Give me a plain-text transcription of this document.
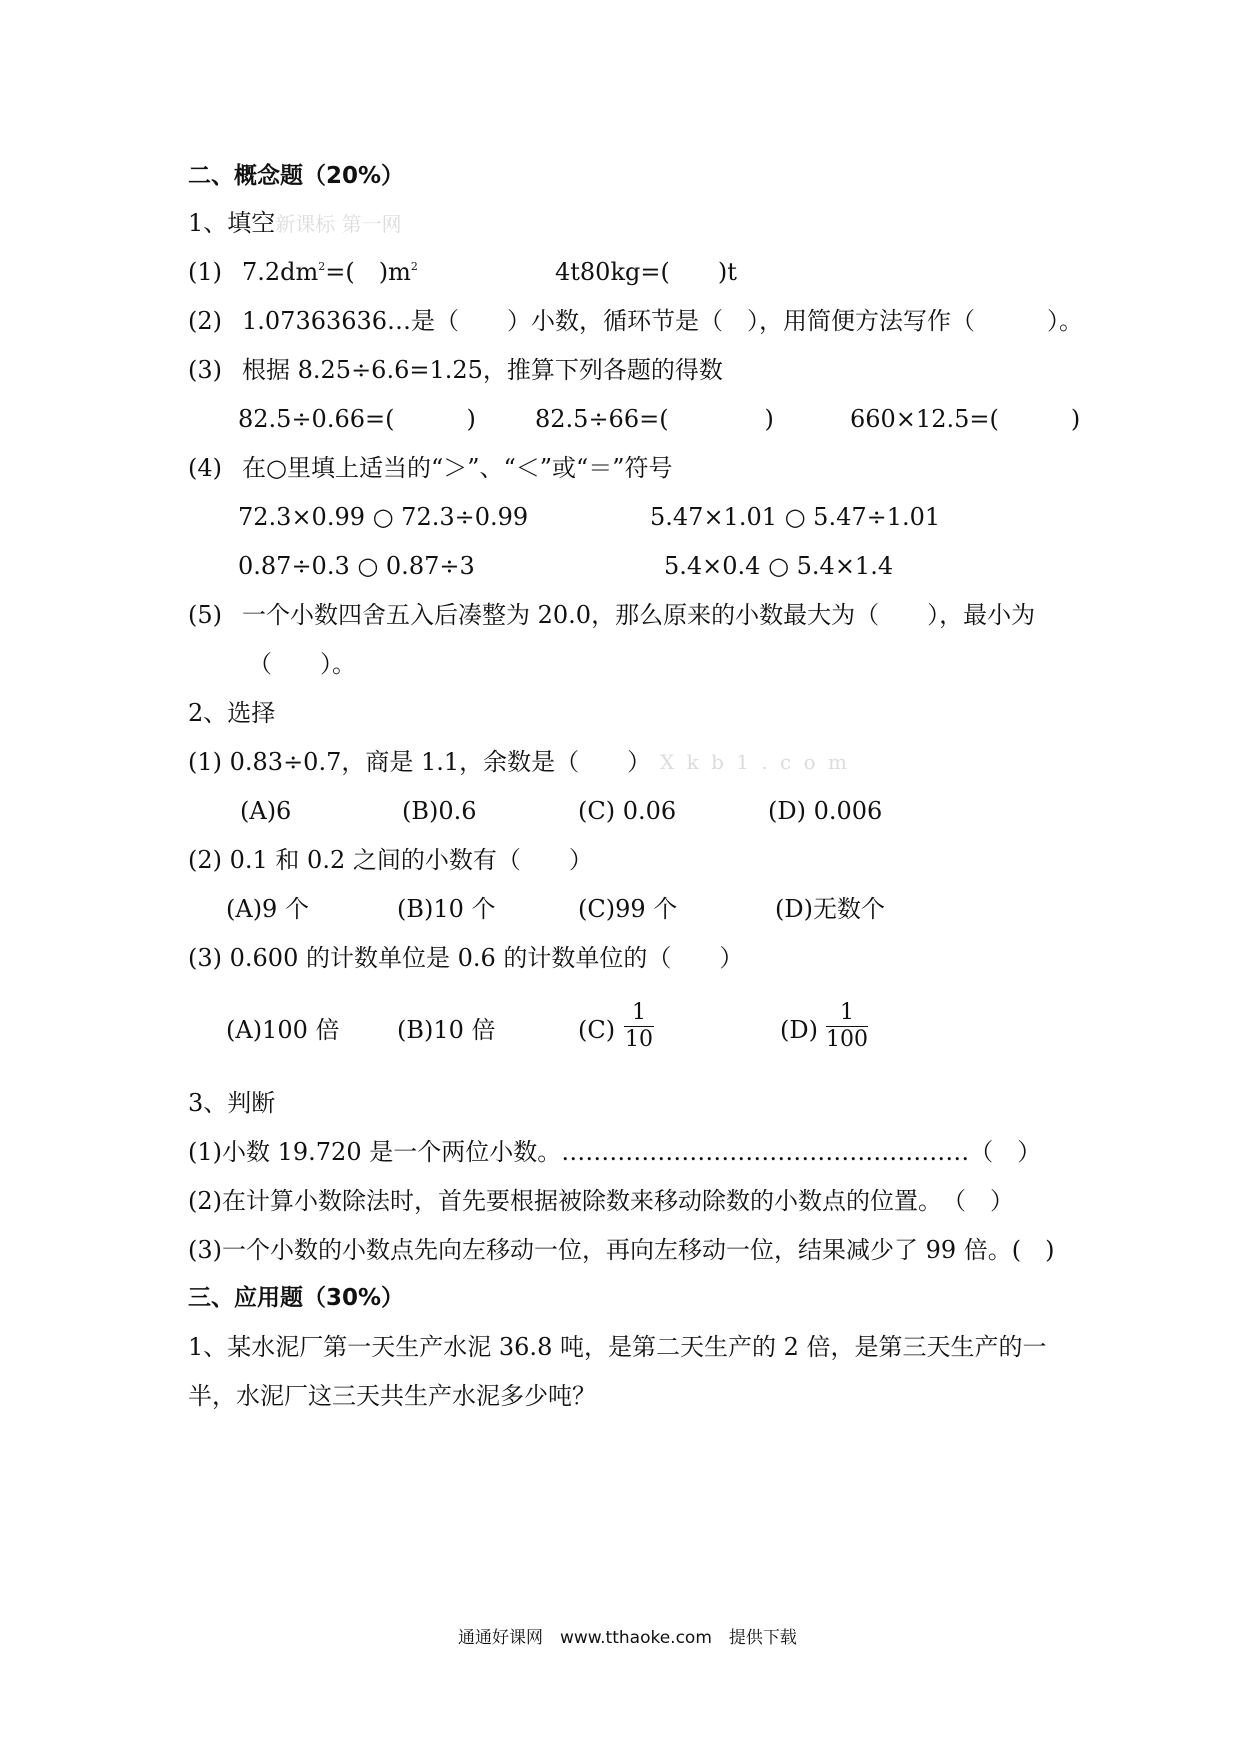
二、概念题（20%）
1、填空新课标 第一网
(1) $7.2dm^2=$(　)$m^2$	4t80kg=(　　)t
(2) 1.07363636…是（　　）小数，循环节是（　），用简便方法写作（　　　）。
(3) 根据 8.25÷6.6=1.25，推算下列各题的得数
82.5÷0.66=(　　　) 82.5÷66=(　　　　)	660×12.5=(　　　)
(4) 在○里填上适当的“＞”、“＜”或“＝”符号
72.3×0.99 ○ 72.3÷0.99	5.47×1.01 ○ 5.47÷1.01
0.87÷0.3 ○ 0.87÷3	5.4×0.4 ○ 5.4×1.4
(5) 一个小数四舍五入后凑整为 20.0，那么原来的小数最大为（　　），最小为
（　　）。
2、选择
(1) 0.83÷0.7，商是 1.1，余数是（　　） X k b 1 . c o m
(A)6	(B)0.6	(C) 0.06	(D) 0.006
(2) 0.1 和 0.2 之间的小数有（　　）
(A)9 个	(B)10 个	(C)99 个	(D)无数个
(3) 0.600 的计数单位是 0.6 的计数单位的（　　）
(A)100 倍 (B)10 倍	(C)
1
10	(D)
1
100
3、判断
(1)小数 19.720 是一个两位小数。……………………………………………（　）
(2)在计算小数除法时，首先要根据被除数来移动除数的小数点的位置。　（　）
(3)一个小数的小数点先向左移动一位，再向左移动一位，结果减少了 99 倍。(　)
三、应用题（30%）
1、某水泥厂第一天生产水泥 36.8 吨，是第二天生产的 2 倍，是第三天生产的一
半，水泥厂这三天共生产水泥多少吨？
通通好课网　www.tthaoke.com　提供下载
